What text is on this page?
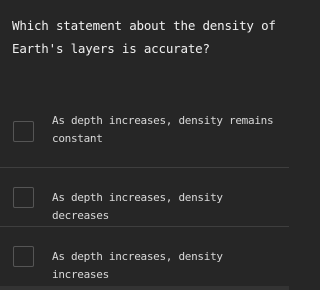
Which statement about the density of Earth's layers is accurate?
As depth increases, density remains constant
As depth increases, density decreases
As depth increases, density increases
